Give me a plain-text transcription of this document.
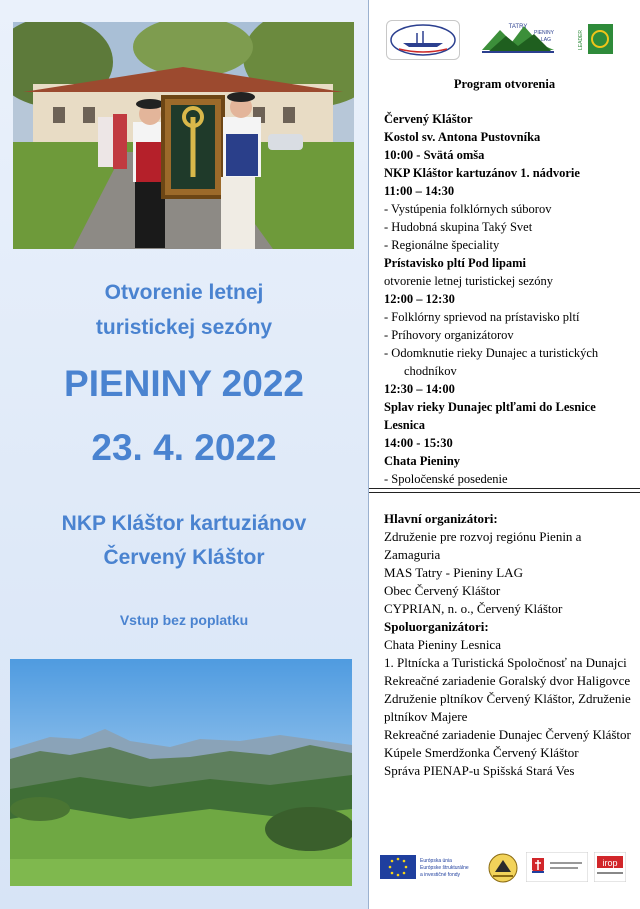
Otvorenie letnej

turistickej sezóny

PIENINY 2022

23. 4. 2022

NKP Kláštor kartuziánov

Červený Kláštor

Vstup bez poplatku

TATRY
PIENINY
LAG	LEADER
Program otvorenia
Červený Kláštor
Kostol sv. Antona Pustovníka
10:00 - Svätá omša
NKP Kláštor kartuzánov 1. nádvorie
11:00 – 14:30
- Vystúpenia folklórnych súborov
- Hudobná skupina Taký Svet
- Regionálne špeciality
Prístavisko pltí Pod lipami
otvorenie letnej turistickej sezóny
12:00 – 12:30
- Folklórny sprievod na prístavisko pltí
- Príhovory organizátorov
- Odomknutie rieky Dunajec a turistických
chodníkov
12:30 – 14:00
Splav rieky Dunajec pltľami do Lesnice
Lesnica
14:00 - 15:30
Chata Pieniny
- Spoločenské posedenie
Hlavní organizátori:
Združenie pre rozvoj regiónu Pienin a Zamaguria
MAS Tatry - Pieniny LAG
Obec Červený Kláštor
CYPRIAN, n. o., Červený Kláštor
Spoluorganizátori:
Chata Pieniny Lesnica
1. Pltnícka a Turistická Spoločnosť na Dunajci
Rekreačné zariadenie Goralský dvor Haligovce
Združenie pltníkov Červený Kláštor, Združenie pltníkov Majere
Rekreačné zariadenie Dunajec Červený Kláštor
Kúpele Smerdžonka Červený Kláštor
Správa PIENAP-u Spišská Stará Ves
Európska únia
Európske štrukturálne
a investičné fondy
irop
